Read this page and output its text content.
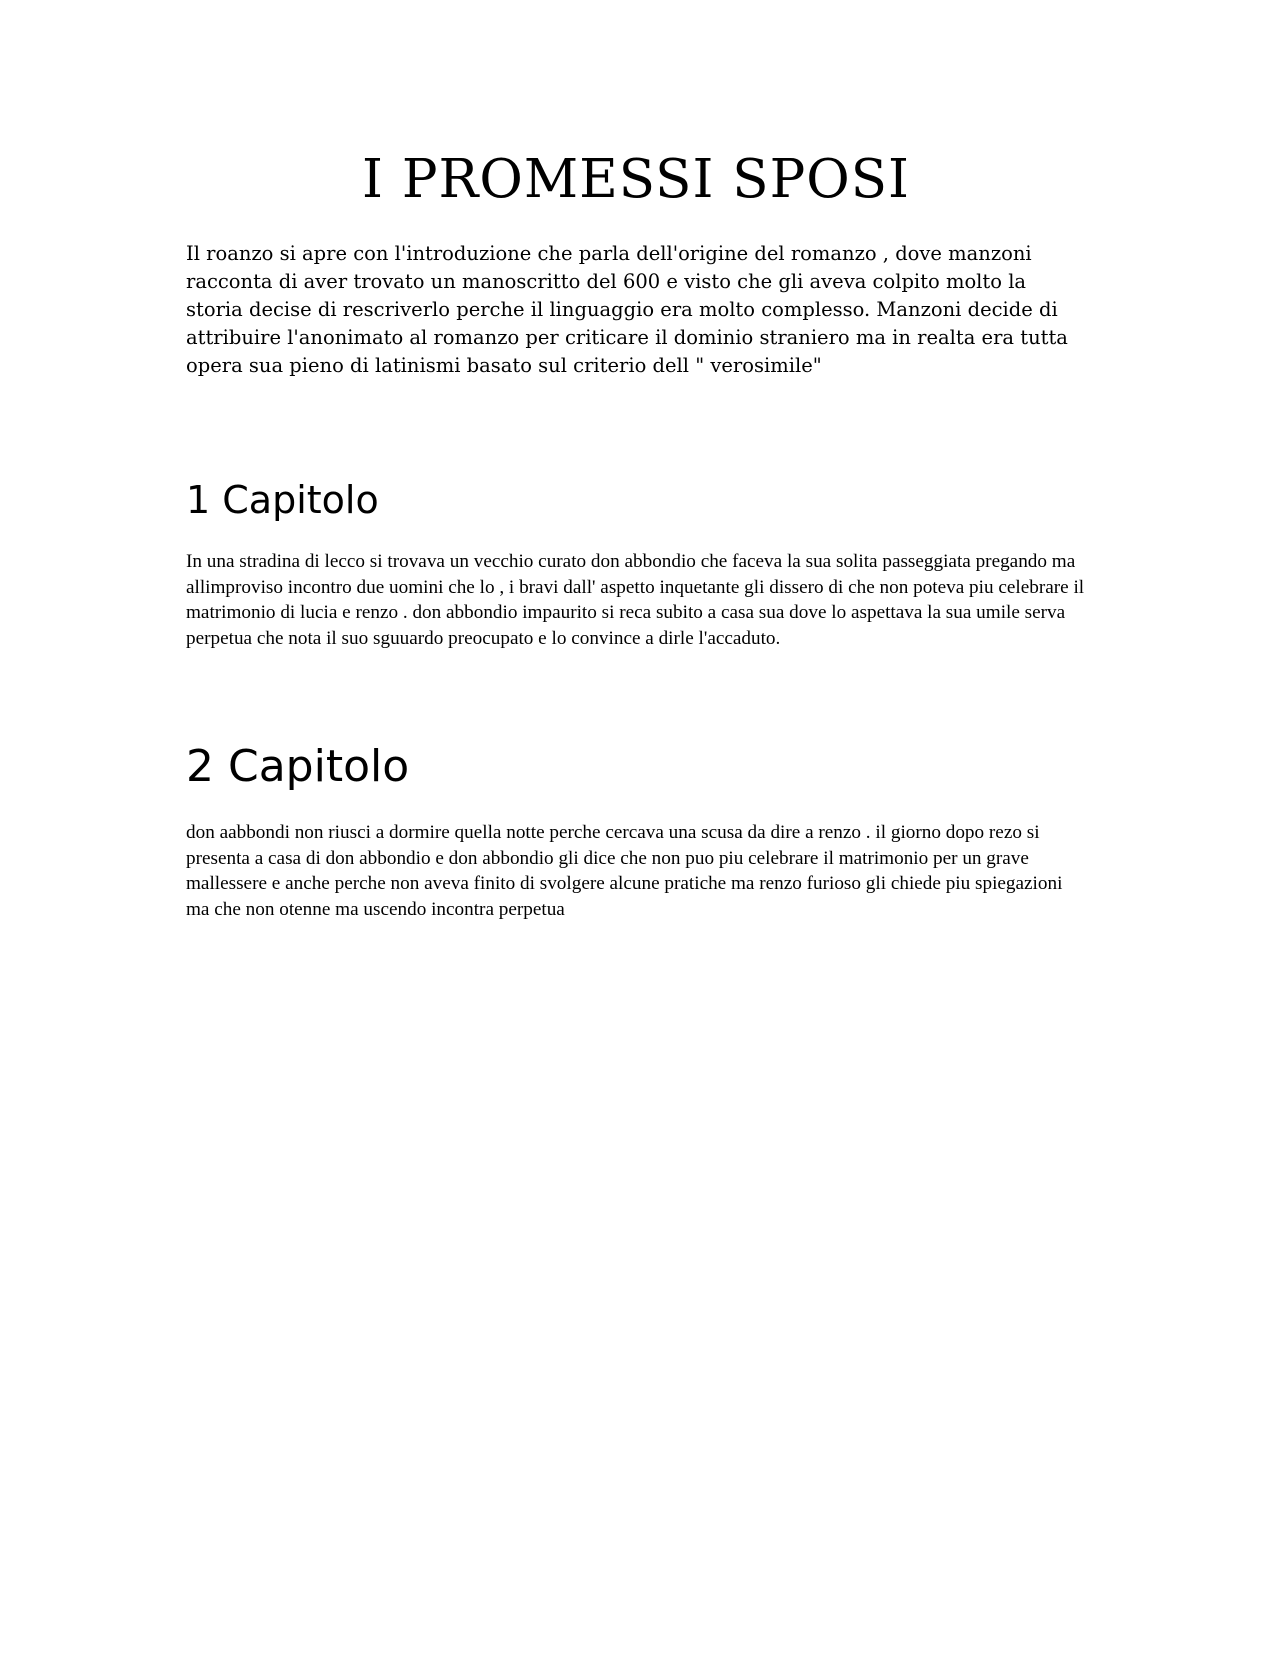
I PROMESSI SPOSI

Il roanzo si apre con l'introduzione che parla dell'origine del romanzo , dove manzoni racconta di aver trovato un manoscritto del 600 e visto che gli aveva colpito molto la storia decise di rescriverlo perche il linguaggio era molto complesso. Manzoni decide di attribuire l'anonimato al romanzo per criticare il dominio straniero ma in realta era tutta opera sua pieno di latinismi basato sul criterio dell " verosimile"

1 Capitolo

In una stradina di lecco si trovava un vecchio curato don abbondio che faceva la sua solita passeggiata pregando ma allimproviso incontro due uomini che lo , i bravi dall' aspetto inquetante gli dissero di che non poteva piu celebrare il matrimonio di lucia e renzo . don abbondio impaurito si reca subito a casa sua dove lo aspettava la sua umile serva perpetua che nota il suo sguuardo preocupato e lo convince a dirle l'accaduto.

2 Capitolo

don aabbondi non riusci a dormire quella notte perche cercava una scusa da dire a renzo . il giorno dopo rezo si presenta a casa di don abbondio e don abbondio gli dice che non puo piu celebrare il matrimonio per un grave mallessere e anche perche non aveva finito di svolgere alcune pratiche ma renzo furioso gli chiede piu spiegazioni ma che non otenne ma uscendo incontra perpetua
